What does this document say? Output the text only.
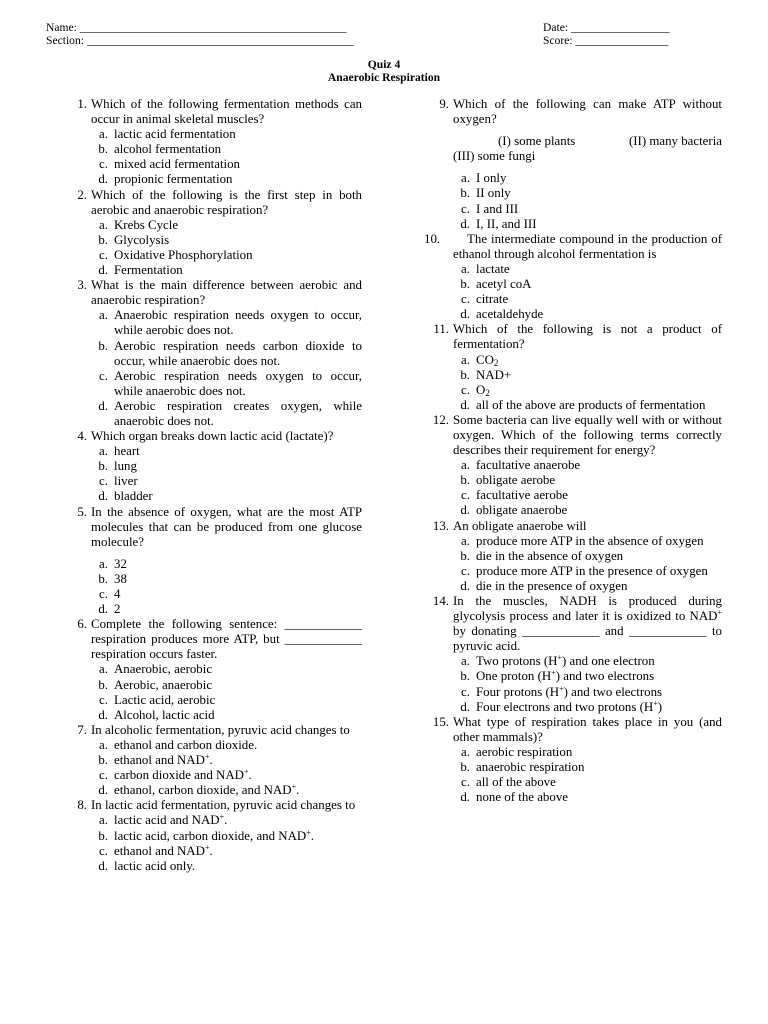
Name: ______________________________________________	Date: _________________
Section: ______________________________________________	Score: ________________
Quiz 4
Anaerobic Respiration
1. Which of the following fermentation methods can occur in animal skeletal muscles?
a. lactic acid fermentation
b. alcohol fermentation
c. mixed acid fermentation
d. propionic fermentation
2. Which of the following is the first step in both aerobic and anaerobic respiration?
a. Krebs Cycle
b. Glycolysis
c. Oxidative Phosphorylation
d. Fermentation
3. What is the main difference between aerobic and anaerobic respiration?
a. Anaerobic respiration needs oxygen to occur, while aerobic does not.
b. Aerobic respiration needs carbon dioxide to occur, while anaerobic does not.
c. Aerobic respiration needs oxygen to occur, while anaerobic does not.
d. Aerobic respiration creates oxygen, while anaerobic does not.
4. Which organ breaks down lactic acid (lactate)?
a. heart
b. lung
c. liver
d. bladder
5. In the absence of oxygen, what are the most ATP molecules that can be produced from one glucose molecule?
a. 32
b. 38
c. 4
d. 2
6. Complete the following sentence: ____________ respiration produces more ATP, but ____________ respiration occurs faster.
a. Anaerobic, aerobic
b. Aerobic, anaerobic
c. Lactic acid, aerobic
d. Alcohol, lactic acid
7. In alcoholic fermentation, pyruvic acid changes to
a. ethanol and carbon dioxide.
b. ethanol and NAD+.
c. carbon dioxide and NAD+.
d. ethanol, carbon dioxide, and NAD+.
8. In lactic acid fermentation, pyruvic acid changes to
a. lactic acid and NAD+.
b. lactic acid, carbon dioxide, and NAD+.
c. ethanol and NAD+.
d. lactic acid only.
9. Which of the following can make ATP without oxygen?
(I) some plants	(II) many bacteria
(III) some fungi
a. I only
b. II only
c. I and III
d. I, II, and III
10.	The intermediate compound in the production of ethanol through alcohol fermentation is
a. lactate
b. acetyl coA
c. citrate
d. acetaldehyde
11. Which of the following is not a product of fermentation?
a. $CO_2$
b. NAD+
c. $O_2$
d. all of the above are products of fermentation
12. Some bacteria can live equally well with or without oxygen. Which of the following terms correctly describes their requirement for energy?
a. facultative anaerobe
b. obligate aerobe
c. facultative aerobe
d. obligate anaerobe
13. An obligate anaerobe will
a. produce more ATP in the absence of oxygen
b. die in the absence of oxygen
c. produce more ATP in the presence of oxygen
d. die in the presence of oxygen
14. In the muscles, NADH is produced during glycolysis process and later it is oxidized to NAD+ by donating ____________ and ____________ to pyruvic acid.
a. Two protons (H+) and one electron
b. One proton (H+) and two electrons
c. Four protons (H+) and two electrons
d. Four electrons and two protons (H+)
15. What type of respiration takes place in you (and other mammals)?
a. aerobic respiration
b. anaerobic respiration
c. all of the above
d. none of the above
